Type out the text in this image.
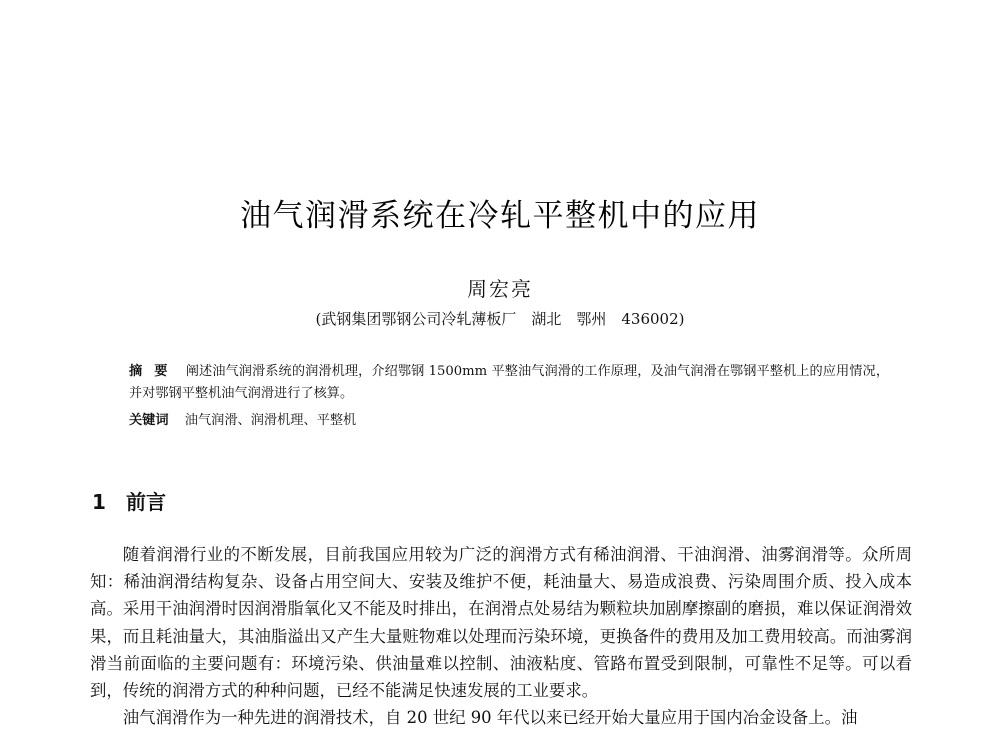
油气润滑系统在冷轧平整机中的应用
周宏亮
(武钢集团鄂钢公司冷轧薄板厂　湖北　鄂州　436002)
摘要 阐述油气润滑系统的润滑机理，介绍鄂钢 1500mm 平整油气润滑的工作原理，及油气润滑在鄂钢平整机上的应用情况，并对鄂钢平整机油气润滑进行了核算。
关键词 油气润滑、润滑机理、平整机
1 前言

随着润滑行业的不断发展，目前我国应用较为广泛的润滑方式有稀油润滑、干油润滑、油雾润滑等。众所周知：稀油润滑结构复杂、设备占用空间大、安装及维护不便，耗油量大、易造成浪费、污染周围介质、投入成本高。采用干油润滑时因润滑脂氧化又不能及时排出，在润滑点处易结为颗粒块加剧摩擦副的磨损，难以保证润滑效果，而且耗油量大，其油脂溢出又产生大量赃物难以处理而污染环境，更换备件的费用及加工费用较高。而油雾润滑当前面临的主要问题有：环境污染、供油量难以控制、油液粘度、管路布置受到限制，可靠性不足等。可以看到，传统的润滑方式的种种问题，已经不能满足快速发展的工业要求。

油气润滑作为一种先进的润滑技术，自 20 世纪 90 年代以来已经开始大量应用于国内冶金设备上。油
